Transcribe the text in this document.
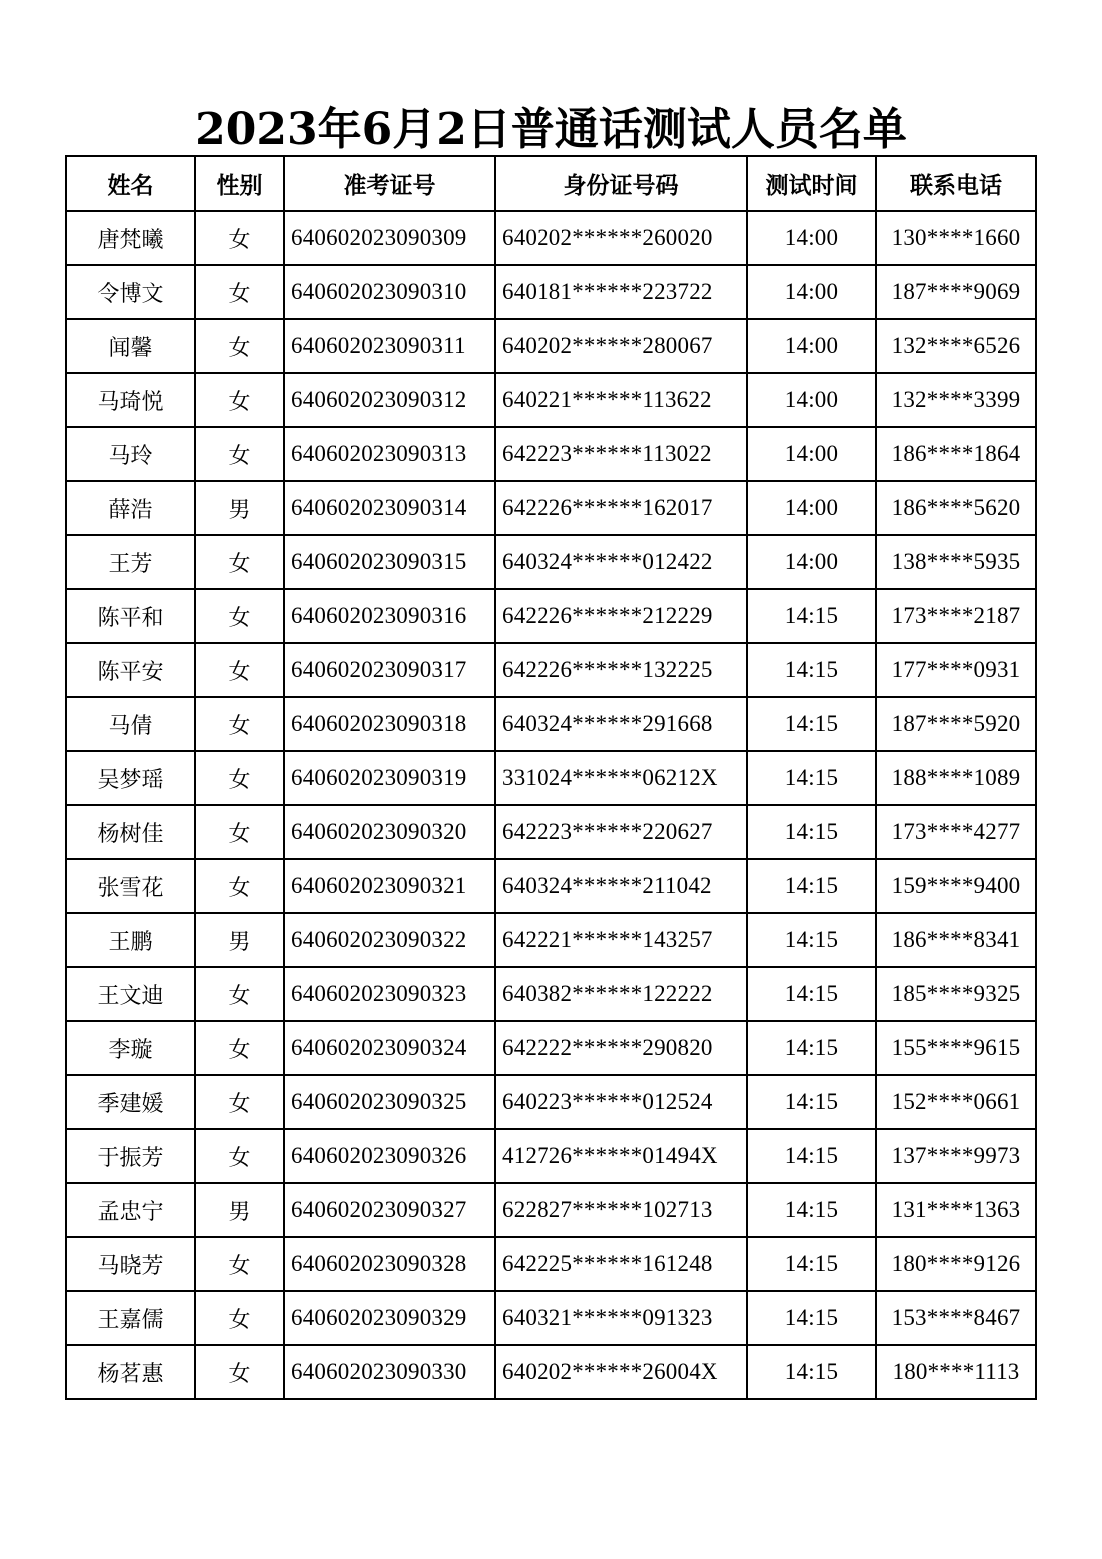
2023年6月2日普通话测试人员名单
姓名	性别	准考证号	身份证号码	测试时间	联系电话
唐梵曦	女	640602023090309	640202******260020	14:00	130****1660
令博文	女	640602023090310	640181******223722	14:00	187****9069
闻馨	女	640602023090311	640202******280067	14:00	132****6526
马琦悦	女	640602023090312	640221******113622	14:00	132****3399
马玲	女	640602023090313	642223******113022	14:00	186****1864
薛浩	男	640602023090314	642226******162017	14:00	186****5620
王芳	女	640602023090315	640324******012422	14:00	138****5935
陈平和	女	640602023090316	642226******212229	14:15	173****2187
陈平安	女	640602023090317	642226******132225	14:15	177****0931
马倩	女	640602023090318	640324******291668	14:15	187****5920
吴梦瑶	女	640602023090319	331024******06212X	14:15	188****1089
杨树佳	女	640602023090320	642223******220627	14:15	173****4277
张雪花	女	640602023090321	640324******211042	14:15	159****9400
王鹏	男	640602023090322	642221******143257	14:15	186****8341
王文迪	女	640602023090323	640382******122222	14:15	185****9325
李璇	女	640602023090324	642222******290820	14:15	155****9615
季建媛	女	640602023090325	640223******012524	14:15	152****0661
于振芳	女	640602023090326	412726******01494X	14:15	137****9973
孟忠宁	男	640602023090327	622827******102713	14:15	131****1363
马晓芳	女	640602023090328	642225******161248	14:15	180****9126
王嘉儒	女	640602023090329	640321******091323	14:15	153****8467
杨茗惠	女	640602023090330	640202******26004X	14:15	180****1113
